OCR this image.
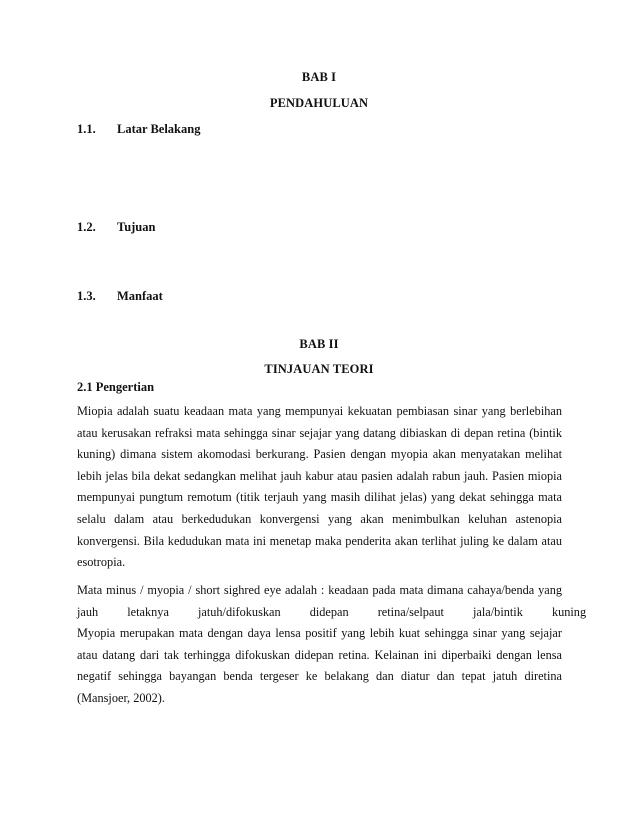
BAB I
PENDAHULUAN
1.1. Latar Belakang
1.2. Tujuan
1.3. Manfaat
BAB II
TINJAUAN TEORI
2.1 Pengertian
Miopia adalah suatu keadaan mata yang mempunyai kekuatan pembiasan sinar yang berlebihan
atau kerusakan refraksi mata sehingga sinar sejajar yang datang dibiaskan di depan retina (bintik
kuning) dimana sistem akomodasi berkurang. Pasien dengan myopia akan menyatakan melihat
lebih jelas bila dekat sedangkan melihat jauh kabur atau pasien adalah rabun jauh. Pasien miopia
mempunyai pungtum remotum (titik terjauh yang masih dilihat jelas) yang dekat sehingga mata
selalu dalam atau berkedudukan konvergensi yang akan menimbulkan keluhan astenopia
konvergensi. Bila kedudukan mata ini menetap maka penderita akan terlihat juling ke dalam atau
esotropia.
Mata minus / myopia / short sighred eye adalah : keadaan pada mata dimana cahaya/benda yang
jauh letaknya jatuh/difokuskan didepan retina/selpaut jala/bintik kuning
Myopia merupakan mata dengan daya lensa positif yang lebih kuat sehingga sinar yang sejajar
atau datang dari tak terhingga difokuskan didepan retina. Kelainan ini diperbaiki dengan lensa
negatif sehingga bayangan benda tergeser ke belakang dan diatur dan tepat jatuh diretina
(Mansjoer, 2002).
